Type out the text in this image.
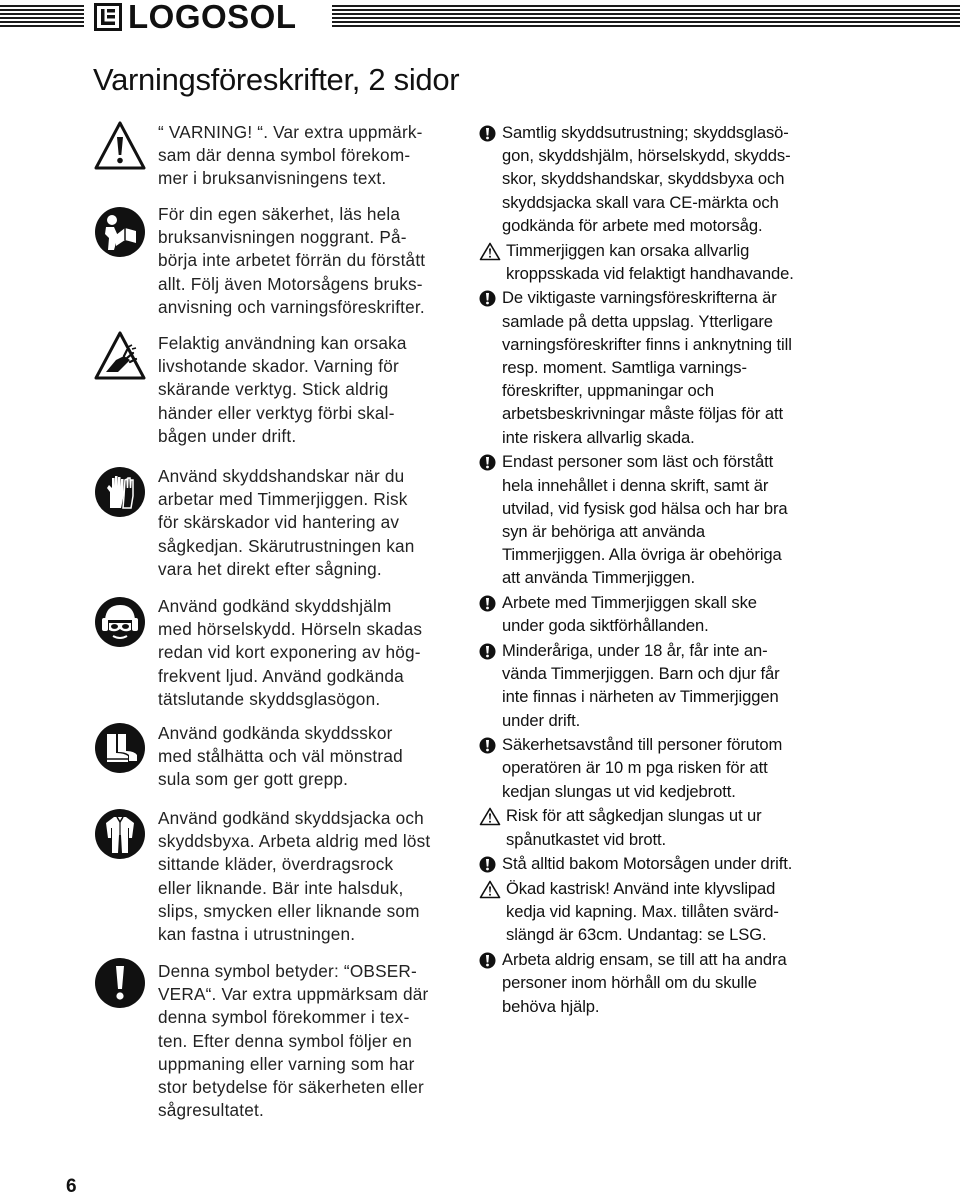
LOGOSOL
Varningsföreskrifter, 2 sidor

“ VARNING! “. Var extra uppmärk-
sam där denna symbol förekom-
mer i bruksanvisningens text.

För din egen säkerhet, läs hela
bruksanvisningen noggrant. På-
börja inte arbetet förrän du förstått
allt. Följ även Motorsågens bruks-
anvisning och varningsföreskrifter.

Felaktig användning kan orsaka
livshotande skador. Varning för
skärande verktyg. Stick aldrig
händer eller verktyg förbi skal-
bågen under drift.

Använd skyddshandskar när du
arbetar med Timmerjiggen. Risk
för skärskador vid hantering av
sågkedjan. Skärutrustningen kan
vara het direkt efter sågning.

Använd godkänd skyddshjälm
med hörselskydd. Hörseln skadas
redan vid kort exponering av hög-
frekvent ljud. Använd godkända
tätslutande skyddsglasögon.

Använd godkända skyddsskor
med stålhätta och väl mönstrad
sula som ger gott grepp.

Använd godkänd skyddsjacka och
skyddsbyxa. Arbeta aldrig med löst
sittande kläder, överdragsrock
eller liknande. Bär inte halsduk,
slips, smycken eller liknande som
kan fastna i utrustningen.

Denna symbol betyder: “OBSER-
VERA“. Var extra uppmärksam där
denna symbol förekommer i tex-
ten. Efter denna symbol följer en
uppmaning eller varning som har
stor betydelse för säkerheten eller
sågresultatet.

Samtlig skyddsutrustning; skyddsglasö-
gon, skyddshjälm, hörselskydd, skydds-
skor, skyddshandskar, skyddsbyxa och
skyddsjacka skall vara CE-märkta och
godkända för arbete med motorsåg.
Timmerjiggen kan orsaka allvarlig
kroppsskada vid felaktigt handhavande.
De viktigaste varningsföreskrifterna är
samlade på detta uppslag. Ytterligare
varningsföreskrifter finns i anknytning till
resp. moment. Samtliga varnings-
föreskrifter, uppmaningar och
arbetsbeskrivningar måste följas för att
inte riskera allvarlig skada.
Endast personer som läst och förstått
hela innehållet i denna skrift, samt är
utvilad, vid fysisk god hälsa och har bra
syn är behöriga att använda
Timmerjiggen. Alla övriga är obehöriga
att använda Timmerjiggen.
Arbete med Timmerjiggen skall ske
under goda siktförhållanden.
Minderåriga, under 18 år, får inte an-
vända Timmerjiggen. Barn och djur får
inte finnas i närheten av Timmerjiggen
under drift.
Säkerhetsavstånd till personer förutom
operatören är 10 m pga risken för att
kedjan slungas ut vid kedjebrott.
Risk för att sågkedjan slungas ut ur
spånutkastet vid brott.
Stå alltid bakom Motorsågen under drift.
Ökad kastrisk! Använd inte klyvslipad
kedja vid kapning. Max. tillåten svärd-
slängd är 63cm. Undantag: se LSG.
Arbeta aldrig ensam, se till att ha andra
personer inom hörhåll om du skulle
behöva hjälp.
6
